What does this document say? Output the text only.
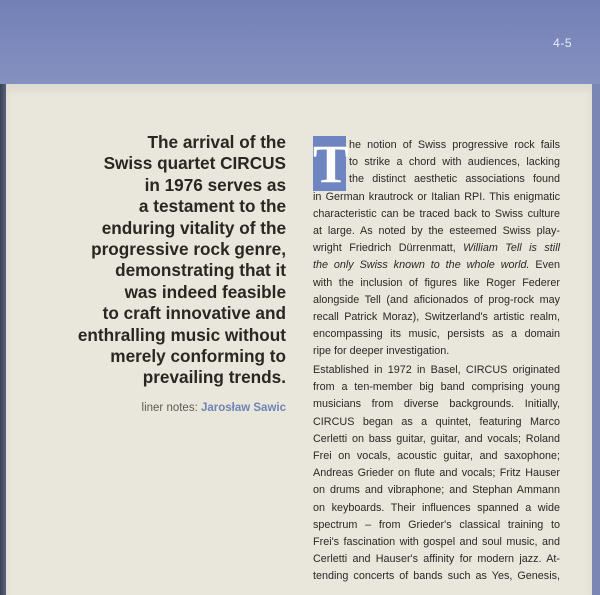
4-5

The arrival of the
Swiss quartet CIRCUS
in 1976 serves as
a testament to the
enduring vitality of the
progressive rock genre,
demonstrating that it
was indeed feasible
to craft innovative and
enthralling music without
merely conforming to
prevailing trends.

liner notes: Jarosław Sawic
T he notion of Swiss progressive rock fails
to strike a chord with audiences, lacking
the distinct aesthetic associations found
in German krautrock or Italian RPI. This enigmatic
characteristic can be traced back to Swiss culture
at large. As noted by the esteemed Swiss play-
wright Friedrich Dürrenmatt, William Tell is still
the only Swiss known to the whole world. Even
with the inclusion of figures like Roger Federer
alongside Tell (and aficionados of prog-rock may
recall Patrick Moraz), Switzerland's artistic realm,
encompassing its music, persists as a domain
ripe for deeper investigation.
Established in 1972 in Basel, CIRCUS originated
from a ten-member big band comprising young
musicians from diverse backgrounds. Initially,
CIRCUS began as a quintet, featuring Marco
Cerletti on bass guitar, guitar, and vocals; Roland
Frei on vocals, acoustic guitar, and saxophone;
Andreas Grieder on flute and vocals; Fritz Hauser
on drums and vibraphone; and Stephan Ammann
on keyboards. Their influences spanned a wide
spectrum – from Grieder's classical training to
Frei's fascination with gospel and soul music, and
Cerletti and Hauser's affinity for modern jazz. At-
tending concerts of bands such as Yes, Genesis,
